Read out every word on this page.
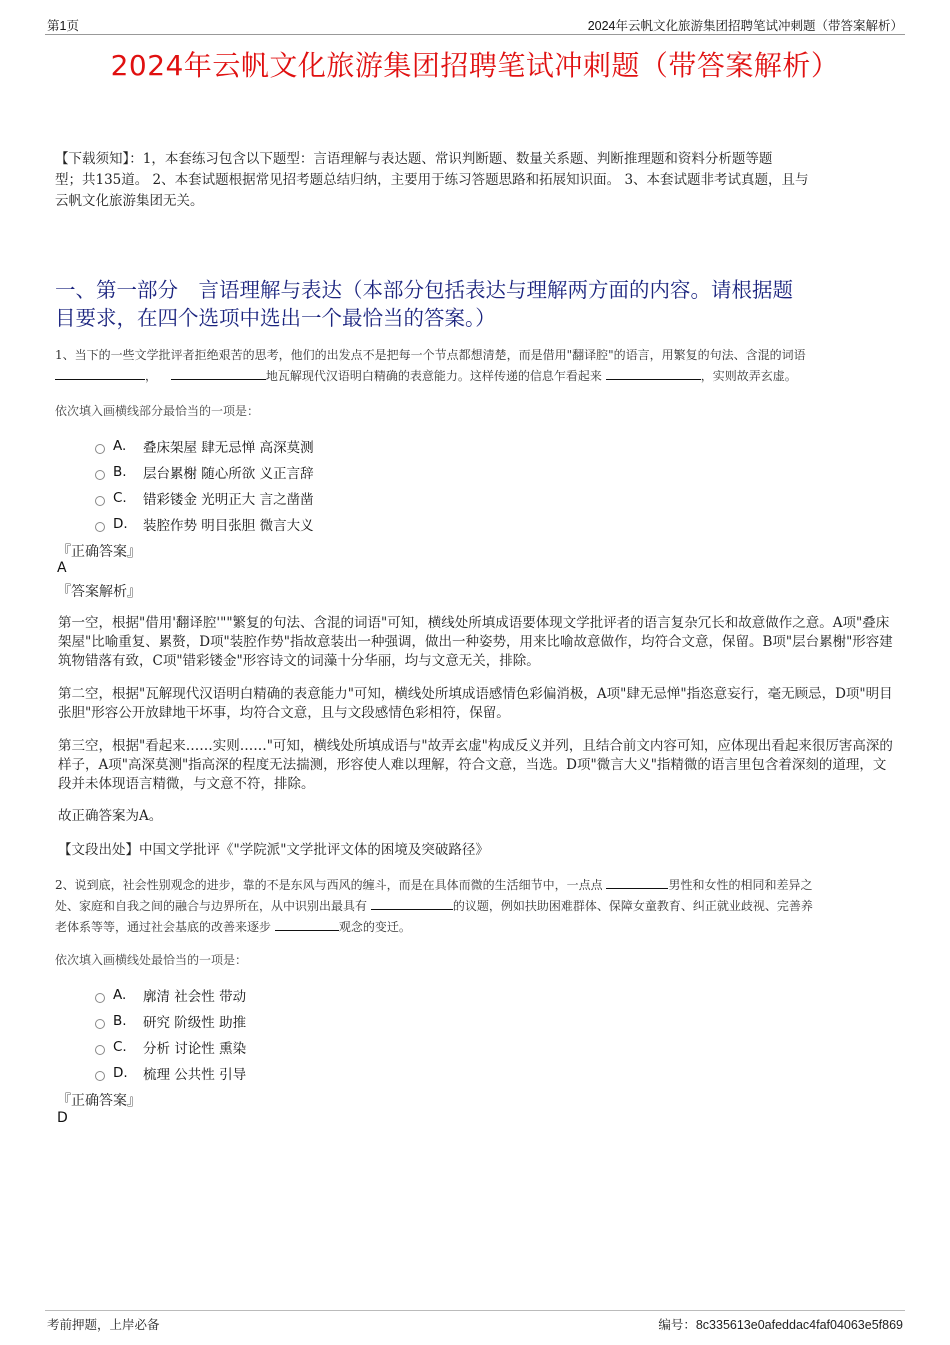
第1页	2024年云帆文化旅游集团招聘笔试冲刺题（带答案解析）
2024年云帆文化旅游集团招聘笔试冲刺题（带答案解析）
【下载须知】：1，本套练习包含以下题型：言语理解与表达题、常识判断题、数量关系题、判断推理题和资料分析题等题
型；共135道。 2、本套试题根据常见招考题总结归纳，主要用于练习答题思路和拓展知识面。 3、本套试题非考试真题，且与
云帆文化旅游集团无关。
一、第一部分　言语理解与表达（本部分包括表达与理解两方面的内容。请根据题
目要求，在四个选项中选出一个最恰当的答案。）
1、当下的一些文学批评者拒绝艰苦的思考，他们的出发点不是把每一个节点都想清楚，而是借用"翻译腔"的语言，用繁复的句法、含混的词语
，	地瓦解现代汉语明白精确的表意能力。这样传递的信息乍看起来	，实则故弄玄虚。
依次填入画横线部分最恰当的一项是：
A.	叠床架屋 肆无忌惮 高深莫测
B.	层台累榭 随心所欲 义正言辞
C.	错彩镂金 光明正大 言之凿凿
D.	装腔作势 明目张胆 微言大义
『正确答案』
A
『答案解析』
第一空，根据"借用'翻译腔'""繁复的句法、含混的词语"可知，横线处所填成语要体现文学批评者的语言复杂冗长和故意做作之意。A项"叠床架屋"比喻重复、累赘，D项"装腔作势"指故意装出一种强调，做出一种姿势，用来比喻故意做作，均符合文意，保留。B项"层台累榭"形容建筑物错落有致，C项"错彩镂金"形容诗文的词藻十分华丽，均与文意无关，排除。
第二空，根据"瓦解现代汉语明白精确的表意能力"可知，横线处所填成语感情色彩偏消极，A项"肆无忌惮"指恣意妄行，毫无顾忌，D项"明目张胆"形容公开放肆地干坏事，均符合文意，且与文段感情色彩相符，保留。
第三空，根据"看起来……实则……"可知，横线处所填成语与"故弄玄虚"构成反义并列，且结合前文内容可知，应体现出看起来很厉害高深的样子，A项"高深莫测"指高深的程度无法揣测，形容使人难以理解，符合文意，当选。D项"微言大义"指精微的语言里包含着深刻的道理，文段并未体现语言精微，与文意不符，排除。
故正确答案为A。
【文段出处】中国文学批评《"学院派"文学批评文体的困境及突破路径》
2、说到底，社会性别观念的进步，靠的不是东风与西风的缠斗，而是在具体而微的生活细节中，一点点	男性和女性的相同和差异之
处、家庭和自我之间的融合与边界所在，从中识别出最具有	的议题，例如扶助困难群体、保障女童教育、纠正就业歧视、完善养
老体系等等，通过社会基底的改善来逐步	观念的变迁。
依次填入画横线处最恰当的一项是：
A.	廓清 社会性 带动
B.	研究 阶级性 助推
C.	分析 讨论性 熏染
D.	梳理 公共性 引导
『正确答案』
D
考前押题，上岸必备	编号：8c335613e0afeddac4faf04063e5f869
